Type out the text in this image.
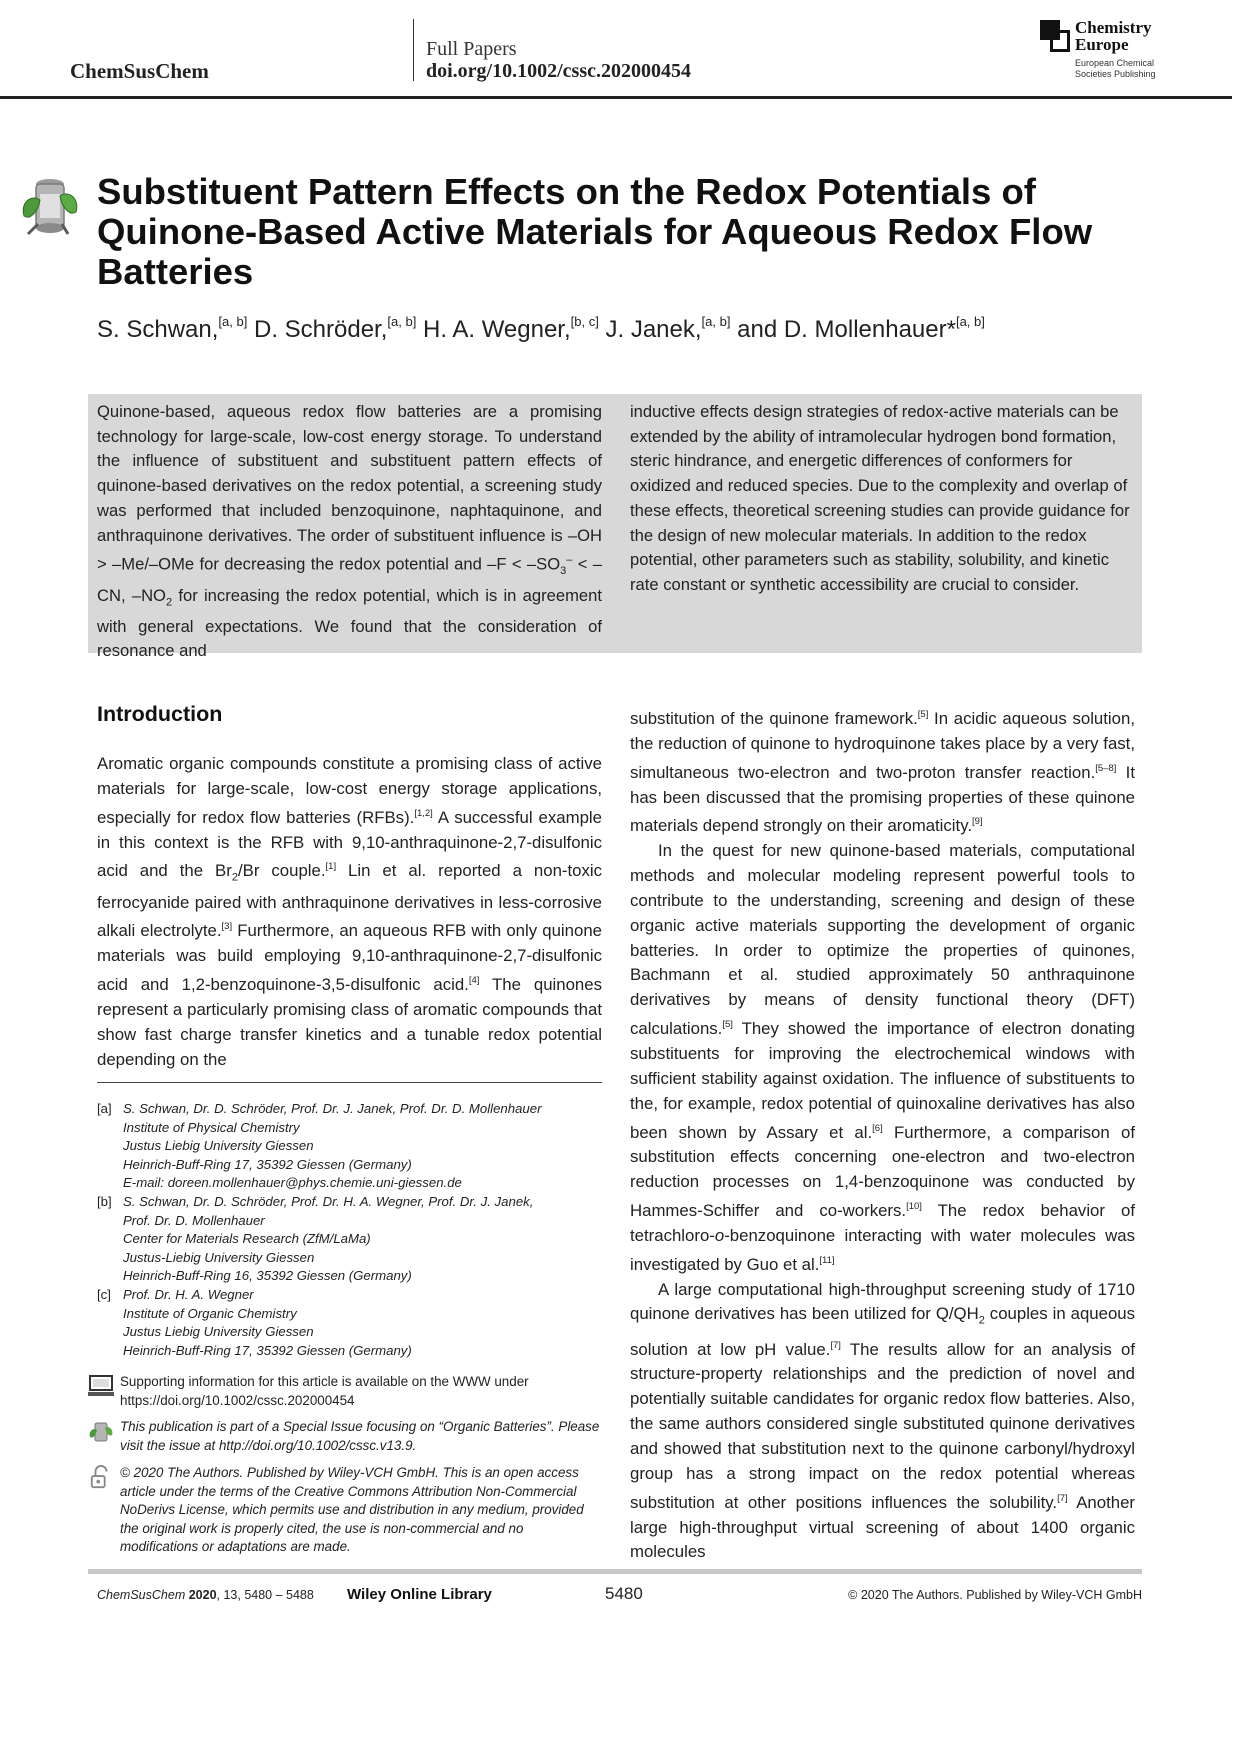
ChemSusChem
Full Papers
doi.org/10.1002/cssc.202000454
Chemistry
Europe
European Chemical
Societies Publishing
Substituent Pattern Effects on the Redox Potentials of Quinone-Based Active Materials for Aqueous Redox Flow Batteries
S. Schwan,[a, b] D. Schröder,[a, b] H. A. Wegner,[b, c] J. Janek,[a, b] and D. Mollenhauer*[a, b]
Quinone-based, aqueous redox flow batteries are a promising technology for large-scale, low-cost energy storage. To understand the influence of substituent and substituent pattern effects of quinone-based derivatives on the redox potential, a screening study was performed that included benzoquinone, naphtaquinone, and anthraquinone derivatives. The order of substituent influence is –OH > –Me/–OMe for decreasing the redox potential and $-F < -SO_3^- < -CN$, $-NO_2$ for increasing the redox potential, which is in agreement with general expectations. We found that the consideration of resonance and
inductive effects design strategies of redox-active materials can be extended by the ability of intramolecular hydrogen bond formation, steric hindrance, and energetic differences of conformers for oxidized and reduced species. Due to the complexity and overlap of these effects, theoretical screening studies can provide guidance for the design of new molecular materials. In addition to the redox potential, other parameters such as stability, solubility, and kinetic rate constant or synthetic accessibility are crucial to consider.
Introduction

Aromatic organic compounds constitute a promising class of active materials for large-scale, low-cost energy storage applications, especially for redox flow batteries (RFBs).[1,2] A successful example in this context is the RFB with 9,10-anthraquinone-2,7-disulfonic acid and the $Br_2/Br$ couple.[1] Lin et al. reported a non-toxic ferrocyanide paired with anthraquinone derivatives in less-corrosive alkali electrolyte.[3] Furthermore, an aqueous RFB with only quinone materials was build employing 9,10-anthraquinone-2,7-disulfonic acid and 1,2-benzoquinone-3,5-disulfonic acid.[4] The quinones represent a particularly promising class of aromatic compounds that show fast charge transfer kinetics and a tunable redox potential depending on the

substitution of the quinone framework.[5] In acidic aqueous solution, the reduction of quinone to hydroquinone takes place by a very fast, simultaneous two-electron and two-proton transfer reaction.[5–8] It has been discussed that the promising properties of these quinone materials depend strongly on their aromaticity.[9]

In the quest for new quinone-based materials, computational methods and molecular modeling represent powerful tools to contribute to the understanding, screening and design of these organic active materials supporting the development of organic batteries. In order to optimize the properties of quinones, Bachmann et al. studied approximately 50 anthraquinone derivatives by means of density functional theory (DFT) calculations.[5] They showed the importance of electron donating substituents for improving the electrochemical windows with sufficient stability against oxidation. The influence of substituents to the, for example, redox potential of quinoxaline derivatives has also been shown by Assary et al.[6] Furthermore, a comparison of substitution effects concerning one-electron and two-electron reduction processes on 1,4-benzoquinone was conducted by Hammes-Schiffer and co-workers.[10] The redox behavior of tetrachloro-o-benzoquinone interacting with water molecules was investigated by Guo et al.[11]

A large computational high-throughput screening study of 1710 quinone derivatives has been utilized for $Q/QH_2$ couples in aqueous solution at low pH value.[7] The results allow for an analysis of structure-property relationships and the prediction of novel and potentially suitable candidates for organic redox flow batteries. Also, the same authors considered single substituted quinone derivatives and showed that substitution next to the quinone carbonyl/hydroxyl group has a strong impact on the redox potential whereas substitution at other positions influences the solubility.[7] Another large high-throughput virtual screening of about 1400 organic molecules

[a] S. Schwan, Dr. D. Schröder, Prof. Dr. J. Janek, Prof. Dr. D. Mollenhauer
Institute of Physical Chemistry
Justus Liebig University Giessen
Heinrich-Buff-Ring 17, 35392 Giessen (Germany)
E-mail: doreen.mollenhauer@phys.chemie.uni-giessen.de
[b] S. Schwan, Dr. D. Schröder, Prof. Dr. H. A. Wegner, Prof. Dr. J. Janek,
Prof. Dr. D. Mollenhauer
Center for Materials Research (ZfM/LaMa)
Justus-Liebig University Giessen
Heinrich-Buff-Ring 16, 35392 Giessen (Germany)
[c] Prof. Dr. H. A. Wegner
Institute of Organic Chemistry
Justus Liebig University Giessen
Heinrich-Buff-Ring 17, 35392 Giessen (Germany)
Supporting information for this article is available on the WWW under https://doi.org/10.1002/cssc.202000454
This publication is part of a Special Issue focusing on “Organic Batteries”. Please visit the issue at http://doi.org/10.1002/cssc.v13.9.
© 2020 The Authors. Published by Wiley-VCH GmbH. This is an open access article under the terms of the Creative Commons Attribution Non-Commercial NoDerivs License, which permits use and distribution in any medium, provided the original work is properly cited, the use is non-commercial and no modifications or adaptations are made.
ChemSusChem 2020, 13, 5480 – 5488 Wiley Online Library	5480	© 2020 The Authors. Published by Wiley-VCH GmbH
